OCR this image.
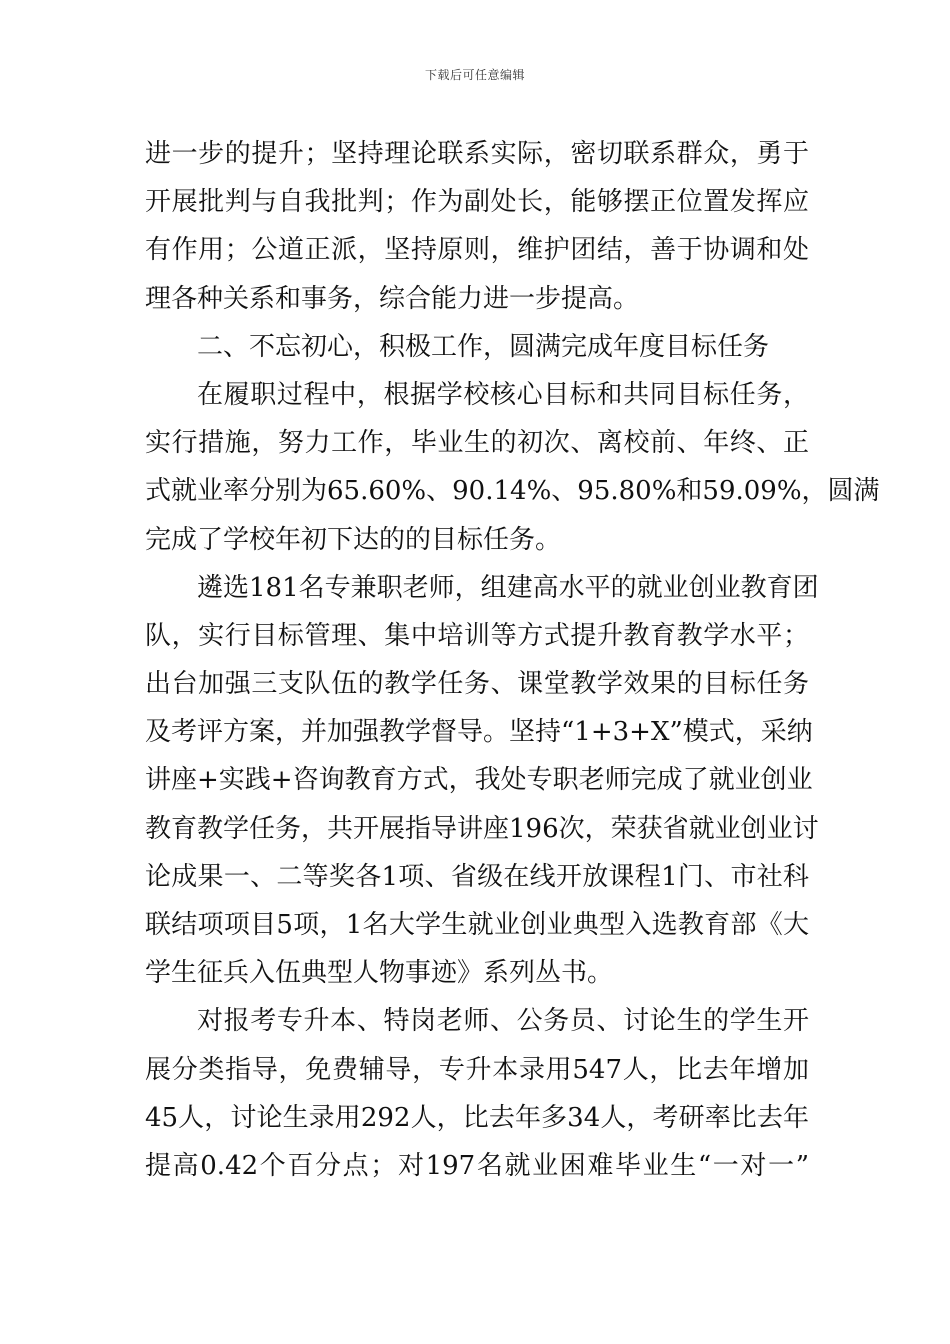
下载后可任意编辑
进一步的提升；坚持理论联系实际，密切联系群众，勇于
开展批判与自我批判；作为副处长，能够摆正位置发挥应
有作用；公道正派，坚持原则，维护团结，善于协调和处
理各种关系和事务，综合能力进一步提高。
二、不忘初心，积极工作，圆满完成年度目标任务
在履职过程中，根据学校核心目标和共同目标任务，
实行措施，努力工作，毕业生的初次、离校前、年终、正
式就业率分别为65.60%、90.14%、95.80%和59.09%，圆满
完成了学校年初下达的的目标任务。
遴选181名专兼职老师，组建高水平的就业创业教育团
队，实行目标管理、集中培训等方式提升教育教学水平；
出台加强三支队伍的教学任务、课堂教学效果的目标任务
及考评方案，并加强教学督导。坚持“1+3+X”模式，采纳
讲座+实践+咨询教育方式，我处专职老师完成了就业创业
教育教学任务，共开展指导讲座196次，荣获省就业创业讨
论成果一、二等奖各1项、省级在线开放课程1门、市社科
联结项项目5项，1名大学生就业创业典型入选教育部《大
学生征兵入伍典型人物事迹》系列丛书。
对报考专升本、特岗老师、公务员、讨论生的学生开
展分类指导，免费辅导，专升本录用547人，比去年增加
45人，讨论生录用292人，比去年多34人，考研率比去年
提高0.42个百分点；对197名就业困难毕业生“一对一”
